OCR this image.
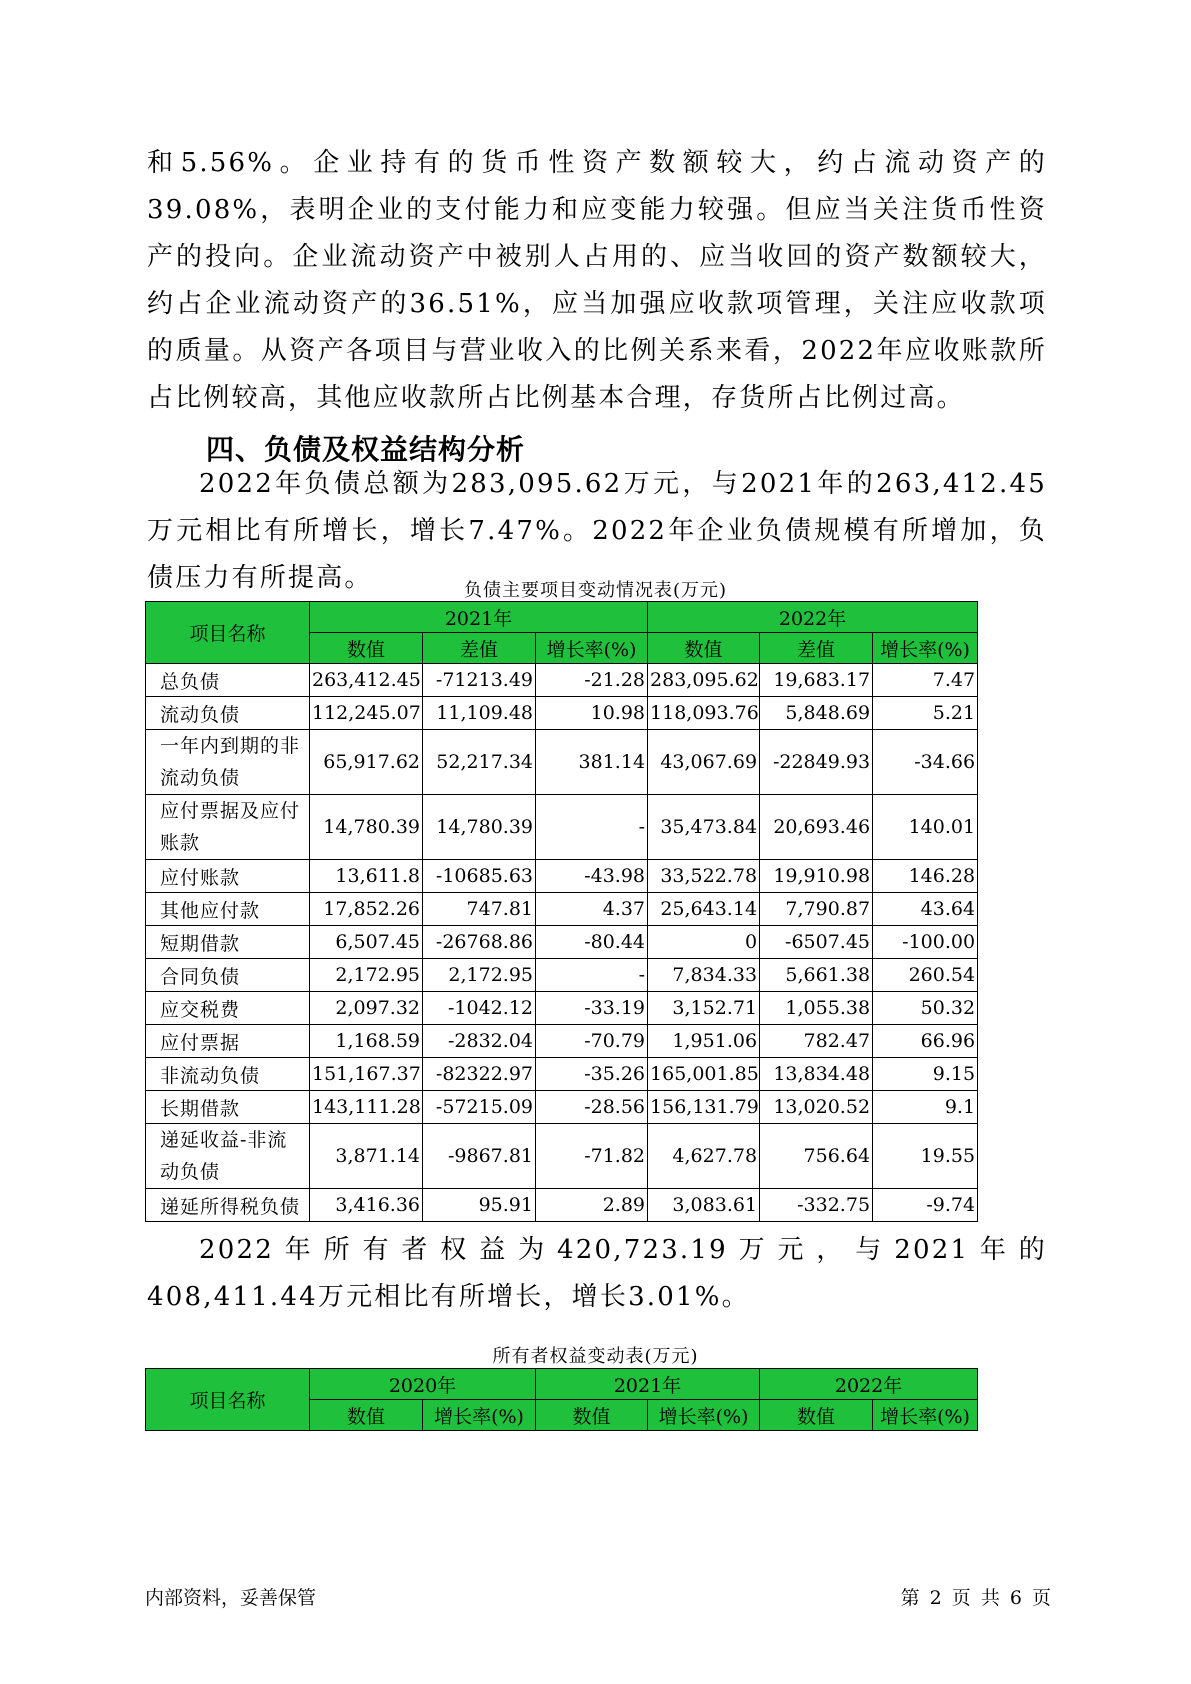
和5.56%。企业持有的货币性资产数额较大，约占流动资产的39.08%，表明企业的支付能力和应变能力较强。但应当关注货币性资产的投向。企业流动资产中被别人占用的、应当收回的资产数额较大，约占企业流动资产的36.51%，应当加强应收款项管理，关注应收款项的质量。从资产各项目与营业收入的比例关系来看，2022年应收账款所占比例较高，其他应收款所占比例基本合理，存货所占比例过高。

四、负债及权益结构分析

2022年负债总额为283,095.62万元，与2021年的263,412.45万元相比有所增长，增长7.47%。2022年企业负债规模有所增加，负债压力有所提高。	负债主要项目变动情况表(万元)
项目名称	2021年			2022年		
	数值	差值	增长率(%)	数值	差值	增长率(%)
总负债	263,412.45	-71213.49	-21.28	283,095.62	19,683.17	7.47
流动负债	112,245.07	11,109.48	10.98	118,093.76	5,848.69	5.21
一年内到期的非流动负债	65,917.62	52,217.34	381.14	43,067.69	-22849.93	-34.66
应付票据及应付账款	14,780.39	14,780.39	-	35,473.84	20,693.46	140.01
应付账款	13,611.8	-10685.63	-43.98	33,522.78	19,910.98	146.28
其他应付款	17,852.26	747.81	4.37	25,643.14	7,790.87	43.64
短期借款	6,507.45	-26768.86	-80.44	0	-6507.45	-100.00
合同负债	2,172.95	2,172.95	-	7,834.33	5,661.38	260.54
应交税费	2,097.32	-1042.12	-33.19	3,152.71	1,055.38	50.32
应付票据	1,168.59	-2832.04	-70.79	1,951.06	782.47	66.96
非流动负债	151,167.37	-82322.97	-35.26	165,001.85	13,834.48	9.15
长期借款	143,111.28	-57215.09	-28.56	156,131.79	13,020.52	9.1
递延收益-非流动负债	3,871.14	-9867.81	-71.82	4,627.78	756.64	19.55
递延所得税负债	3,416.36	95.91	2.89	3,083.61	-332.75	-9.74

2022年所有者权益为420,723.19万元，与2021年的408,411.44万元相比有所增长，增长3.01%。

所有者权益变动表(万元)
项目名称	2020年		2021年		2022年	
	数值	增长率(%)	数值	增长率(%)	数值	增长率(%)
内部资料，妥善保管	第 2 页 共 6 页
